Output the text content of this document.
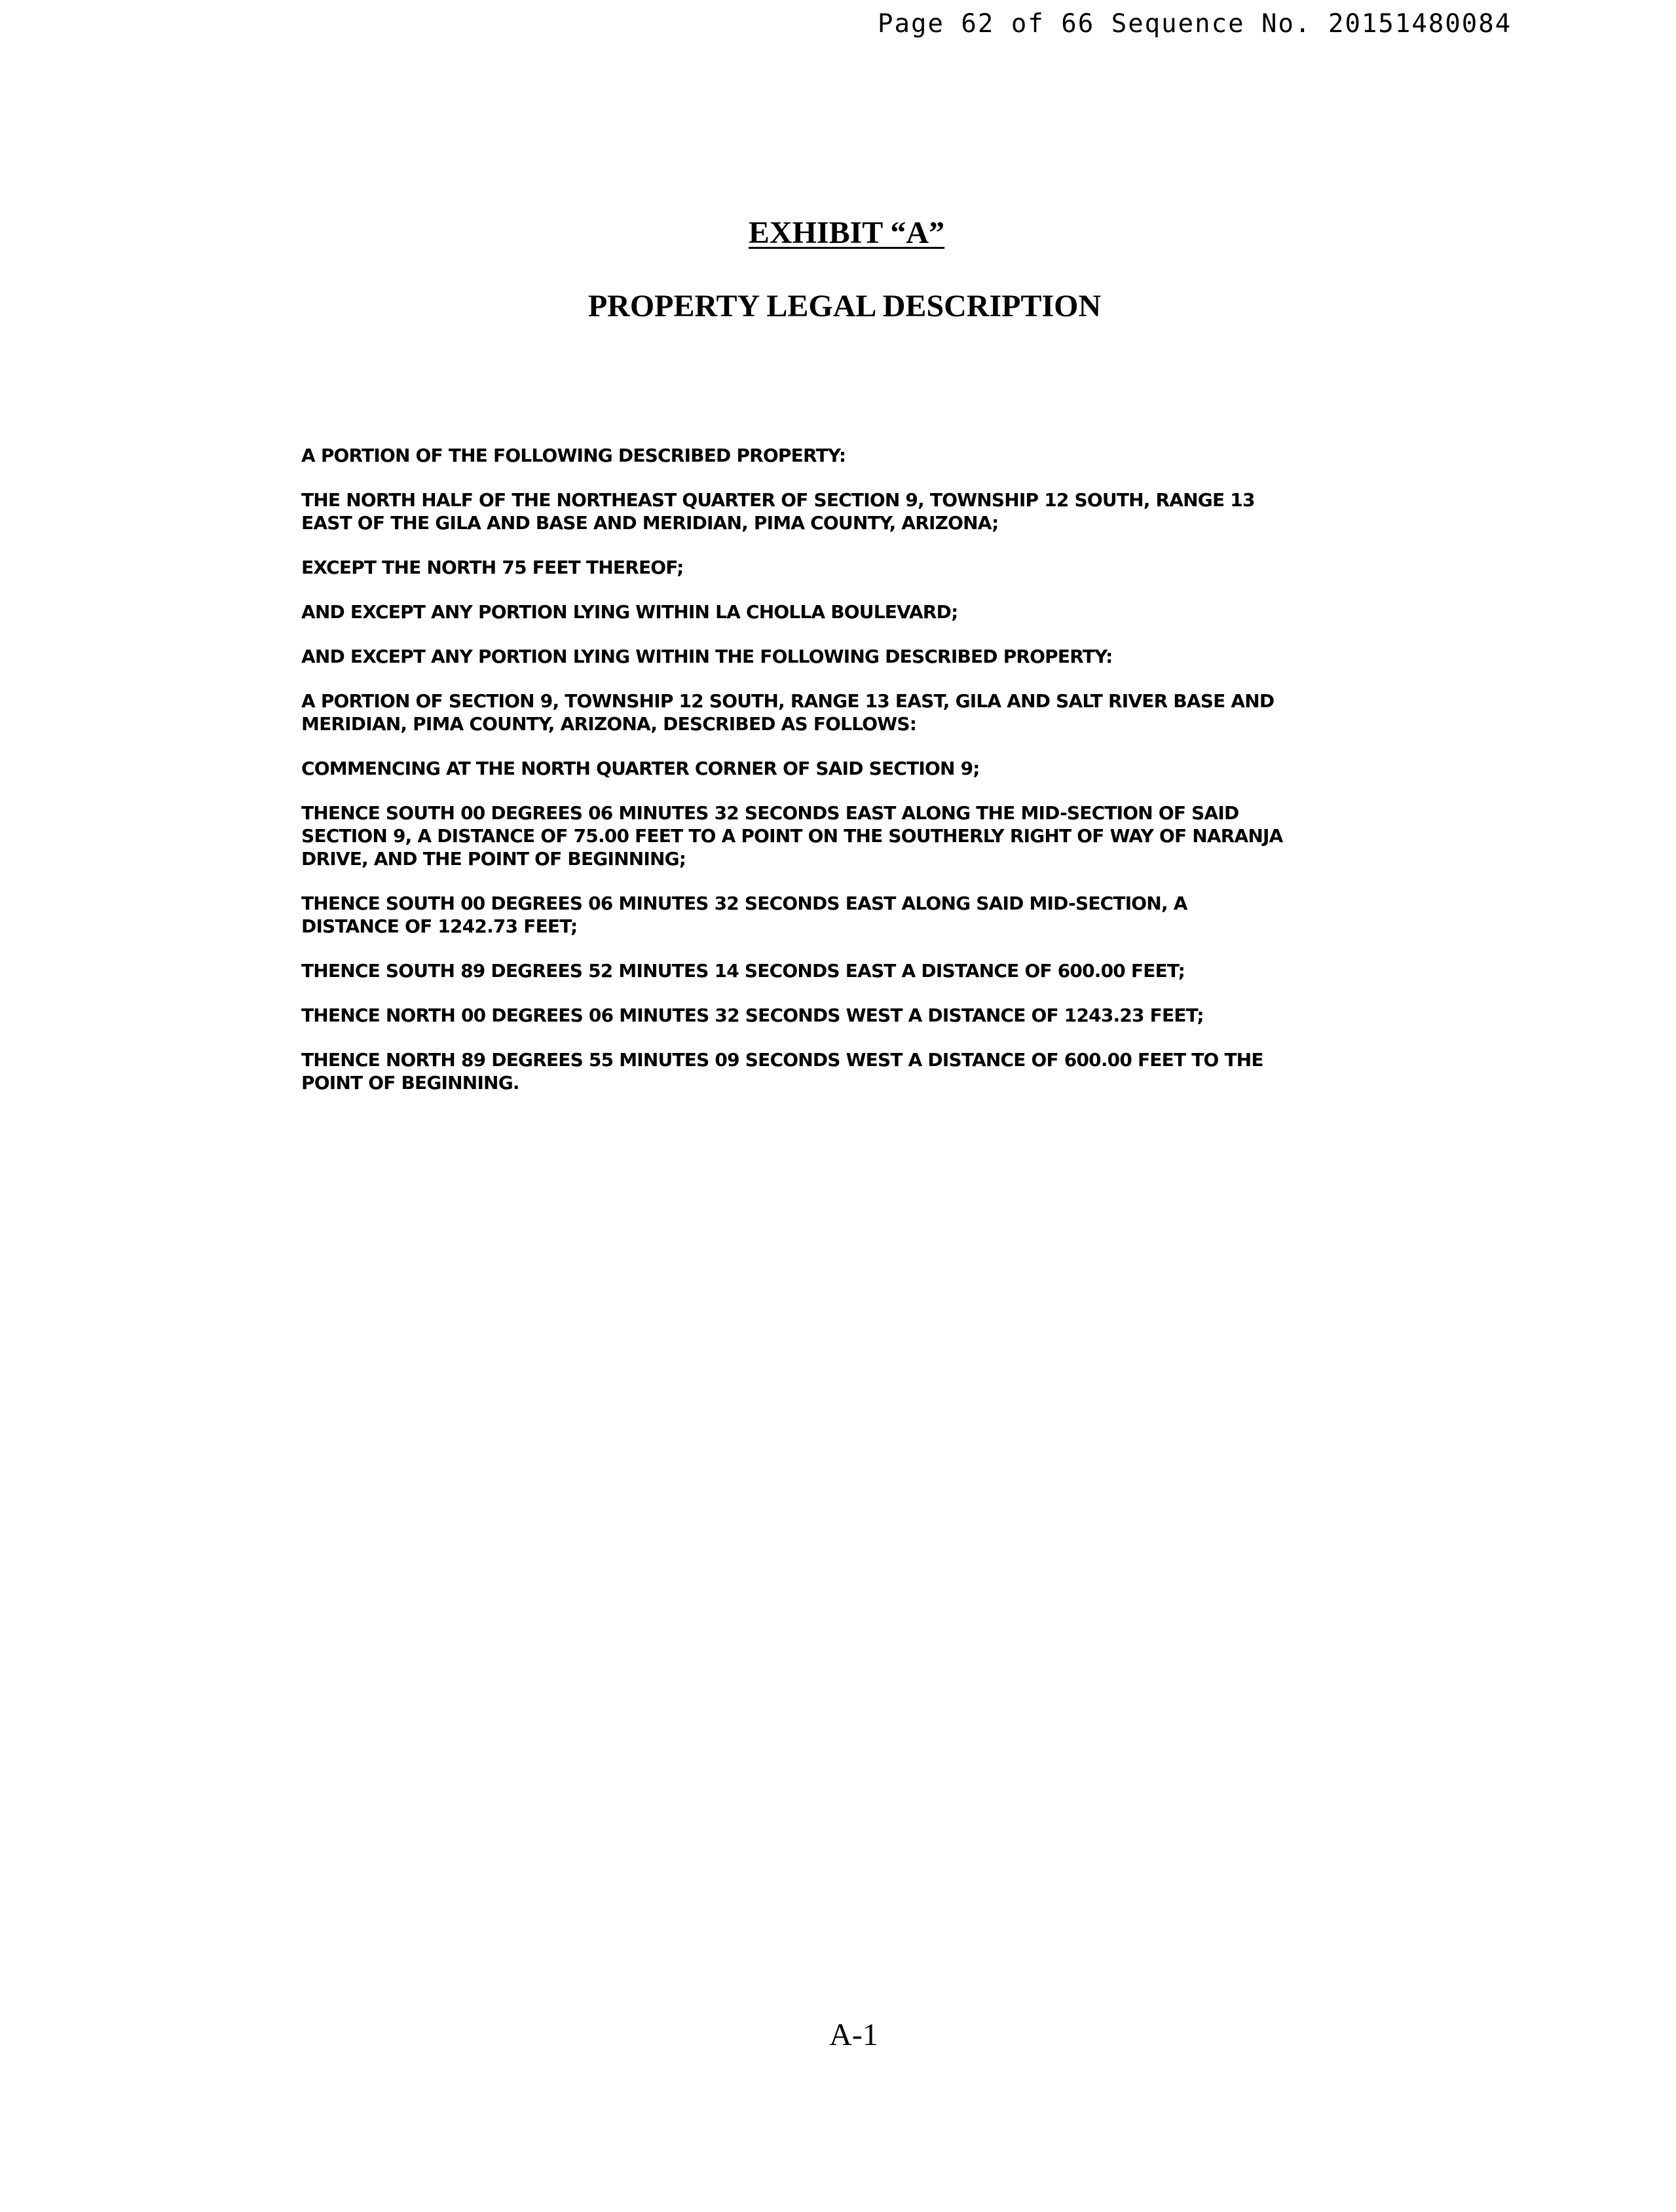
Page 62 of 66 Sequence No. 20151480084
EXHIBIT “A”
PROPERTY LEGAL DESCRIPTION

A PORTION OF THE FOLLOWING DESCRIBED PROPERTY:

THE NORTH HALF OF THE NORTHEAST QUARTER OF SECTION 9, TOWNSHIP 12 SOUTH, RANGE 13 EAST OF THE GILA AND BASE AND MERIDIAN, PIMA COUNTY, ARIZONA;

EXCEPT THE NORTH 75 FEET THEREOF;

AND EXCEPT ANY PORTION LYING WITHIN LA CHOLLA BOULEVARD;

AND EXCEPT ANY PORTION LYING WITHIN THE FOLLOWING DESCRIBED PROPERTY:

A PORTION OF SECTION 9, TOWNSHIP 12 SOUTH, RANGE 13 EAST, GILA AND SALT RIVER BASE AND MERIDIAN, PIMA COUNTY, ARIZONA, DESCRIBED AS FOLLOWS:

COMMENCING AT THE NORTH QUARTER CORNER OF SAID SECTION 9;

THENCE SOUTH 00 DEGREES 06 MINUTES 32 SECONDS EAST ALONG THE MID-SECTION OF SAID SECTION 9, A DISTANCE OF 75.00 FEET TO A POINT ON THE SOUTHERLY RIGHT OF WAY OF NARANJA DRIVE, AND THE POINT OF BEGINNING;

THENCE SOUTH 00 DEGREES 06 MINUTES 32 SECONDS EAST ALONG SAID MID-SECTION, A DISTANCE OF 1242.73 FEET;

THENCE SOUTH 89 DEGREES 52 MINUTES 14 SECONDS EAST A DISTANCE OF 600.00 FEET;

THENCE NORTH 00 DEGREES 06 MINUTES 32 SECONDS WEST A DISTANCE OF 1243.23 FEET;

THENCE NORTH 89 DEGREES 55 MINUTES 09 SECONDS WEST A DISTANCE OF 600.00 FEET TO THE POINT OF BEGINNING.

A-1
